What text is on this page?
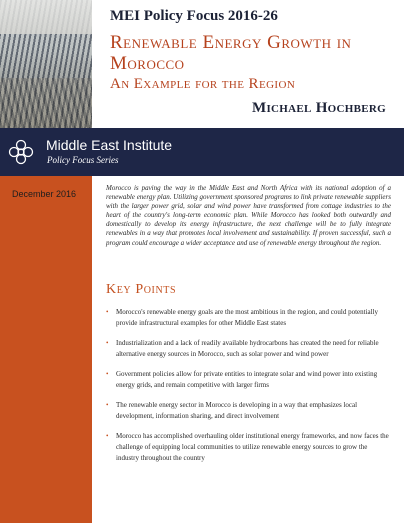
MEI Policy Focus 2016-26
Renewable Energy Growth in Morocco
An Example for the Region
Michael Hochberg
Middle East Institute
Policy Focus Series
December 2016
Morocco is paving the way in the Middle East and North Africa with its national adoption of a renewable energy plan. Utilizing government sponsored programs to link private renewable suppliers with the larger power grid, solar and wind power have transformed from cottage industries to the heart of the country's long-term economic plan. While Morocco has looked both outwardly and domestically to develop its energy infrastructure, the next challenge will be to fully integrate renewables in a way that promotes local involvement and sustainability. If proven successful, such a program could encourage a wider acceptance and use of renewable energy throughout the region.
Key Points
• Morocco's renewable energy goals are the most ambitious in the region, and could potentially provide infrastructural examples for other Middle East states
• Industrialization and a lack of readily available hydrocarbons has created the need for reliable alternative energy sources in Morocco, such as solar power and wind power
• Government policies allow for private entities to integrate solar and wind power into existing energy grids, and remain competitive with larger firms
• The renewable energy sector in Morocco is developing in a way that emphasizes local development, information sharing, and direct involvement
• Morocco has accomplished overhauling older institutional energy frameworks, and now faces the challenge of equipping local communities to utilize renewable energy sources to grow the industry throughout the country
